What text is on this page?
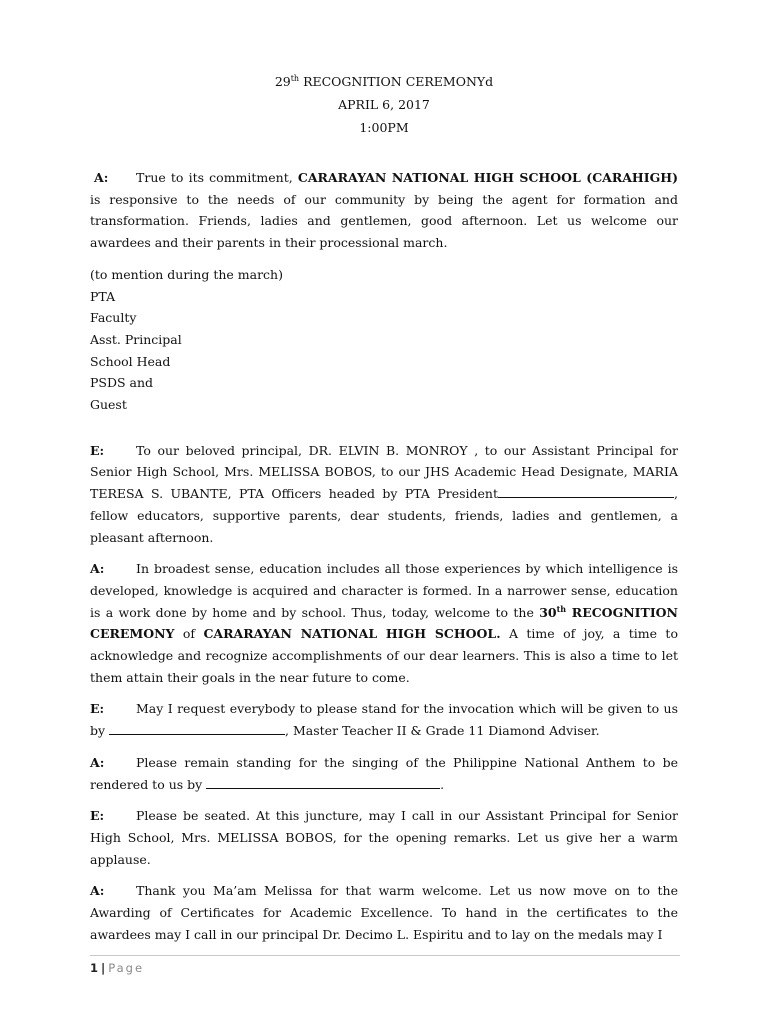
29th RECOGNITION CEREMONYd

APRIL 6, 2017

1:00PM

A: True to its commitment, CARARAYAN NATIONAL HIGH SCHOOL (CARAHIGH) is responsive to the needs of our community by being the agent for formation and transformation. Friends, ladies and gentlemen, good afternoon. Let us welcome our awardees and their parents in their processional march.

(to mention during the march)
PTA
Faculty
Asst. Principal
School Head
PSDS and
Guest

E:	To our beloved principal, DR. ELVIN B. MONROY , to our Assistant Principal for Senior High School, Mrs. MELISSA BOBOS, to our JHS Academic Head Designate, MARIA TERESA S. UBANTE, PTA Officers headed by PTA President	, fellow educators, supportive parents, dear students, friends, ladies and gentlemen, a pleasant afternoon.

A:	In broadest sense, education includes all those experiences by which intelligence is developed, knowledge is acquired and character is formed. In a narrower sense, education is a work done by home and by school. Thus, today, welcome to the 30th RECOGNITION CEREMONY of CARARAYAN NATIONAL HIGH SCHOOL. A time of joy, a time to acknowledge and recognize accomplishments of our dear learners. This is also a time to let them attain their goals in the near future to come.

E:	May I request everybody to please stand for the invocation which will be given to us by	, Master Teacher II & Grade 11 Diamond Adviser.

A:	Please remain standing for the singing of the Philippine National Anthem to be rendered to us by	.

E:	Please be seated. At this juncture, may I call in our Assistant Principal for Senior High School, Mrs. MELISSA BOBOS, for the opening remarks. Let us give her a warm applause.

A:	Thank you Ma’am Melissa for that warm welcome. Let us now move on to the Awarding of Certificates for Academic Excellence. To hand in the certificates to the awardees may I call in our principal Dr. Decimo L. Espiritu and to lay on the medals may I

1 | Page
